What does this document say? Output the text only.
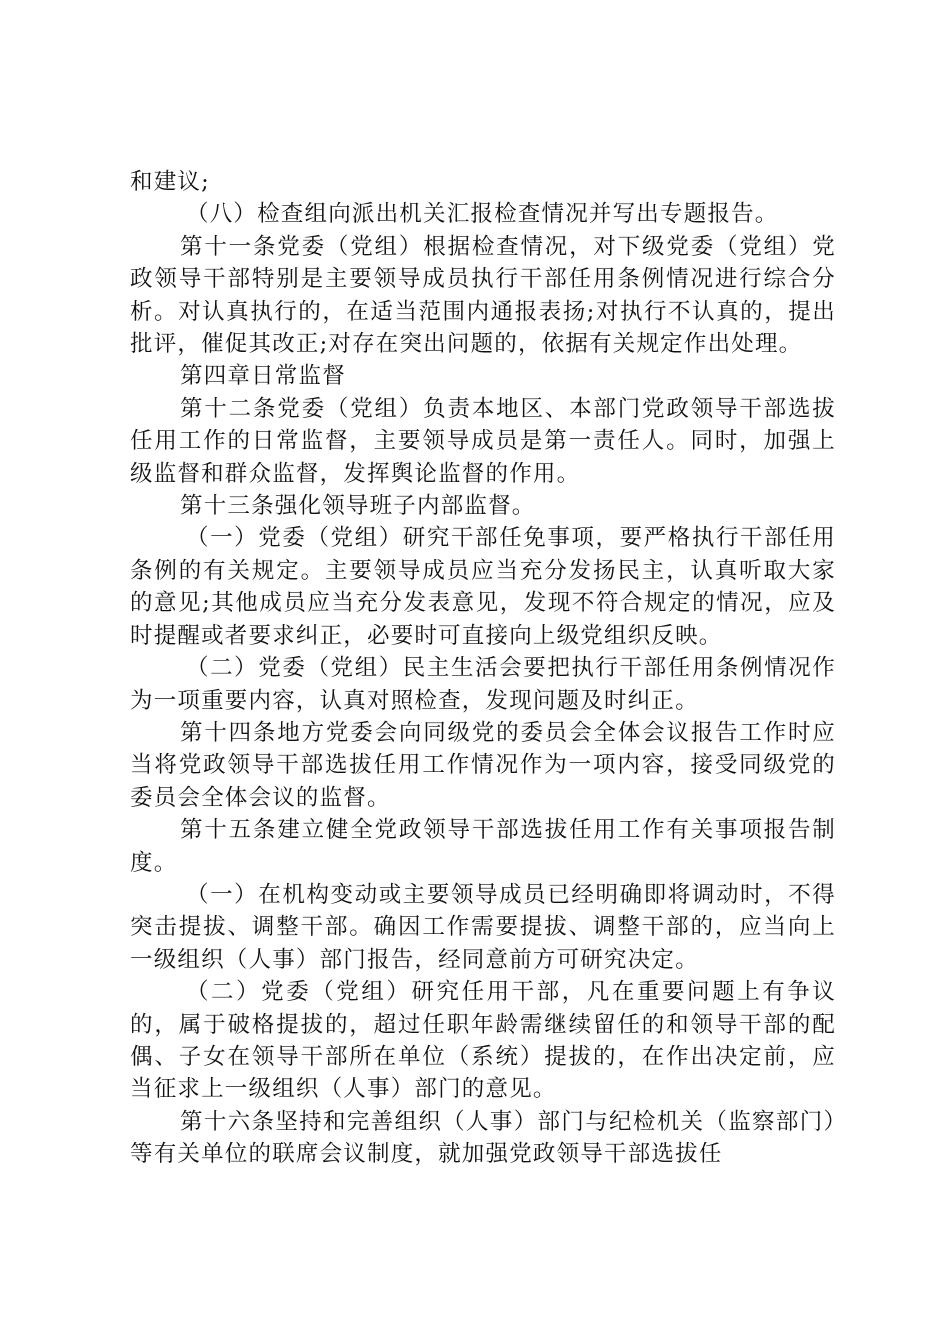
和建议;

（八）检查组向派出机关汇报检查情况并写出专题报告。

第十一条党委（党组）根据检查情况，对下级党委（党组）党政领导干部特别是主要领导成员执行干部任用条例情况进行综合分析。对认真执行的，在适当范围内通报表扬;对执行不认真的，提出批评，催促其改正;对存在突出问题的，依据有关规定作出处理。

第四章日常监督

第十二条党委（党组）负责本地区、本部门党政领导干部选拔任用工作的日常监督，主要领导成员是第一责任人。同时，加强上级监督和群众监督，发挥舆论监督的作用。

第十三条强化领导班子内部监督。

（一）党委（党组）研究干部任免事项，要严格执行干部任用条例的有关规定。主要领导成员应当充分发扬民主，认真听取大家的意见;其他成员应当充分发表意见，发现不符合规定的情况，应及时提醒或者要求纠正，必要时可直接向上级党组织反映。

（二）党委（党组）民主生活会要把执行干部任用条例情况作为一项重要内容，认真对照检查，发现问题及时纠正。

第十四条地方党委会向同级党的委员会全体会议报告工作时应当将党政领导干部选拔任用工作情况作为一项内容，接受同级党的委员会全体会议的监督。

第十五条建立健全党政领导干部选拔任用工作有关事项报告制度。

（一）在机构变动或主要领导成员已经明确即将调动时，不得突击提拔、调整干部。确因工作需要提拔、调整干部的，应当向上一级组织（人事）部门报告，经同意前方可研究决定。

（二）党委（党组）研究任用干部，凡在重要问题上有争议的，属于破格提拔的，超过任职年龄需继续留任的和领导干部的配偶、子女在领导干部所在单位（系统）提拔的，在作出决定前，应当征求上一级组织（人事）部门的意见。

第十六条坚持和完善组织（人事）部门与纪检机关（监察部门）等有关单位的联席会议制度，就加强党政领导干部选拔任
